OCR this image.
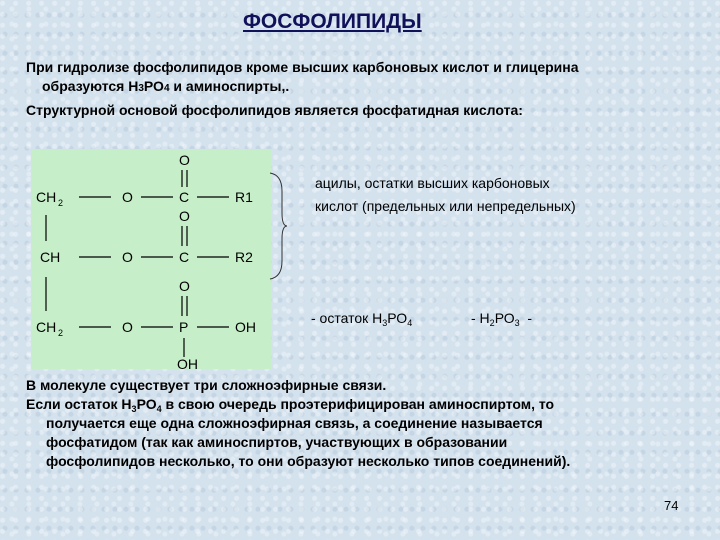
ФОСФОЛИПИДЫ
При гидролизе фосфолипидов кроме высших карбоновых кислот и глицерина
образуются Н3РО4 и аминоспирты,.
Структурной основой фосфолипидов является фосфатидная кислота:
O
CH 2	O	C	R1
O
CH	O	C	R2
O
CH 2	O	P	OH
OH
ацилы, остатки высших карбоновых
кислот (предельных или непредельных)
- остаток $Н_3РО_4$	- $Н_2РО_3$  -
В молекуле существует три сложноэфирные связи.
Если остаток $Н_3РО_4$ в свою очередь проэтерифицирован аминоспиртом, то
получается еще одна сложноэфирная связь, а соединение называется
фосфатидом (так как аминоспиртов, участвующих в образовании
фосфолипидов несколько, то они образуют несколько типов соединений).
74
